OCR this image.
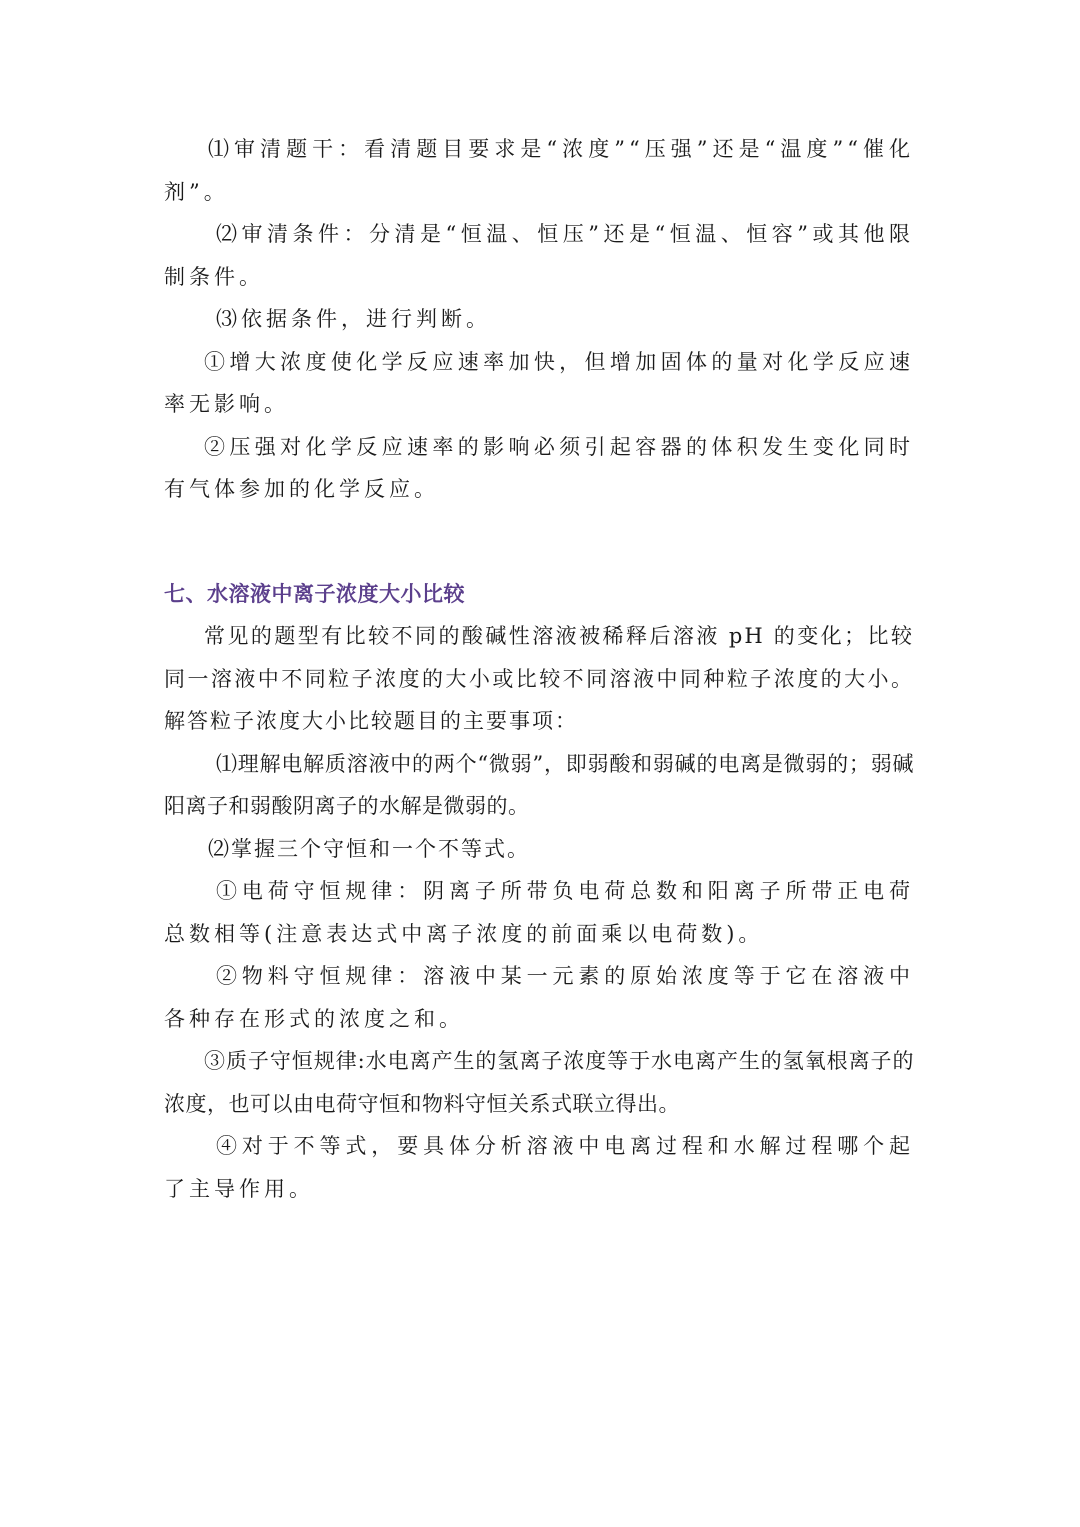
⑴审清题干：看清题目要求是“浓度”“压强”还是“温度”“催化剂”。

⑵审清条件：分清是“恒温、恒压”还是“恒温、恒容”或其他限制条件。

⑶依据条件，进行判断。

①增大浓度使化学反应速率加快，但增加固体的量对化学反应速率无影响。

②压强对化学反应速率的影响必须引起容器的体积发生变化同时有气体参加的化学反应。

七、水溶液中离子浓度大小比较

常见的题型有比较不同的酸碱性溶液被稀释后溶液 pH 的变化；比较同一溶液中不同粒子浓度的大小或比较不同溶液中同种粒子浓度的大小。解答粒子浓度大小比较题目的主要事项：

⑴理解电解质溶液中的两个“微弱”，即弱酸和弱碱的电离是微弱的；弱碱阳离子和弱酸阴离子的水解是微弱的。

⑵掌握三个守恒和一个不等式。

①电荷守恒规律：阴离子所带负电荷总数和阳离子所带正电荷总数相等(注意表达式中离子浓度的前面乘以电荷数)。

②物料守恒规律：溶液中某一元素的原始浓度等于它在溶液中各种存在形式的浓度之和。

③质子守恒规律:水电离产生的氢离子浓度等于水电离产生的氢氧根离子的浓度，也可以由电荷守恒和物料守恒关系式联立得出。

④对于不等式，要具体分析溶液中电离过程和水解过程哪个起了主导作用。
